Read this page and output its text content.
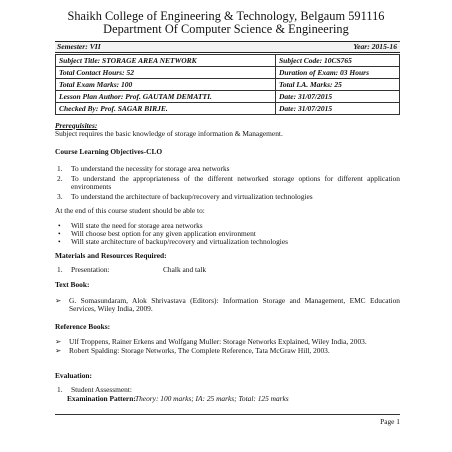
Shaikh College of Engineering & Technology, Belgaum 591116
Department Of Computer Science & Engineering
Semester: VII	Year: 2015-16
Subject Title: STORAGE AREA NETWORK	Subject Code: 10CS765
Total Contact Hours: 52	Duration of Exam: 03 Hours
Total Exam Marks: 100	Total I.A. Marks: 25
Lesson Plan Author: Prof. GAUTAM DEMATTI.	Date: 31/07/2015
Checked By: Prof. SAGAR BIRJE.	Date: 31/07/2015
Prerequisites:
Subject requires the basic knowledge of storage information & Management.
Course Learning Objectives-CLO
1. To understand the necessity for storage area networks
2. To understand the appropriateness of the different networked storage options for different application environments
3. To understand the architecture of backup/recovery and virtualization technologies
At the end of this course student should be able to:
• Will state the need for storage area networks
• Will choose best option for any given application environment
• Will state architecture of backup/recovery and virtualization technologies
Materials and Resources Required:
1. Presentation:	Chalk and talk
Text Book:
➢ G. Somasundaram, Alok Shrivastava (Editors): Information Storage and Management, EMC Education Services, Wiley India, 2009.
Reference Books:
➢ Ulf Troppens, Rainer Erkens and Wolfgang Muller: Storage Networks Explained, Wiley India, 2003.
➢ Robert Spalding: Storage Networks, The Complete Reference, Tata McGraw Hill, 2003.
Evaluation:
1. Student Assessment:
Examination Pattern: Theory: 100 marks; IA: 25 marks; Total: 125 marks
Page 1
